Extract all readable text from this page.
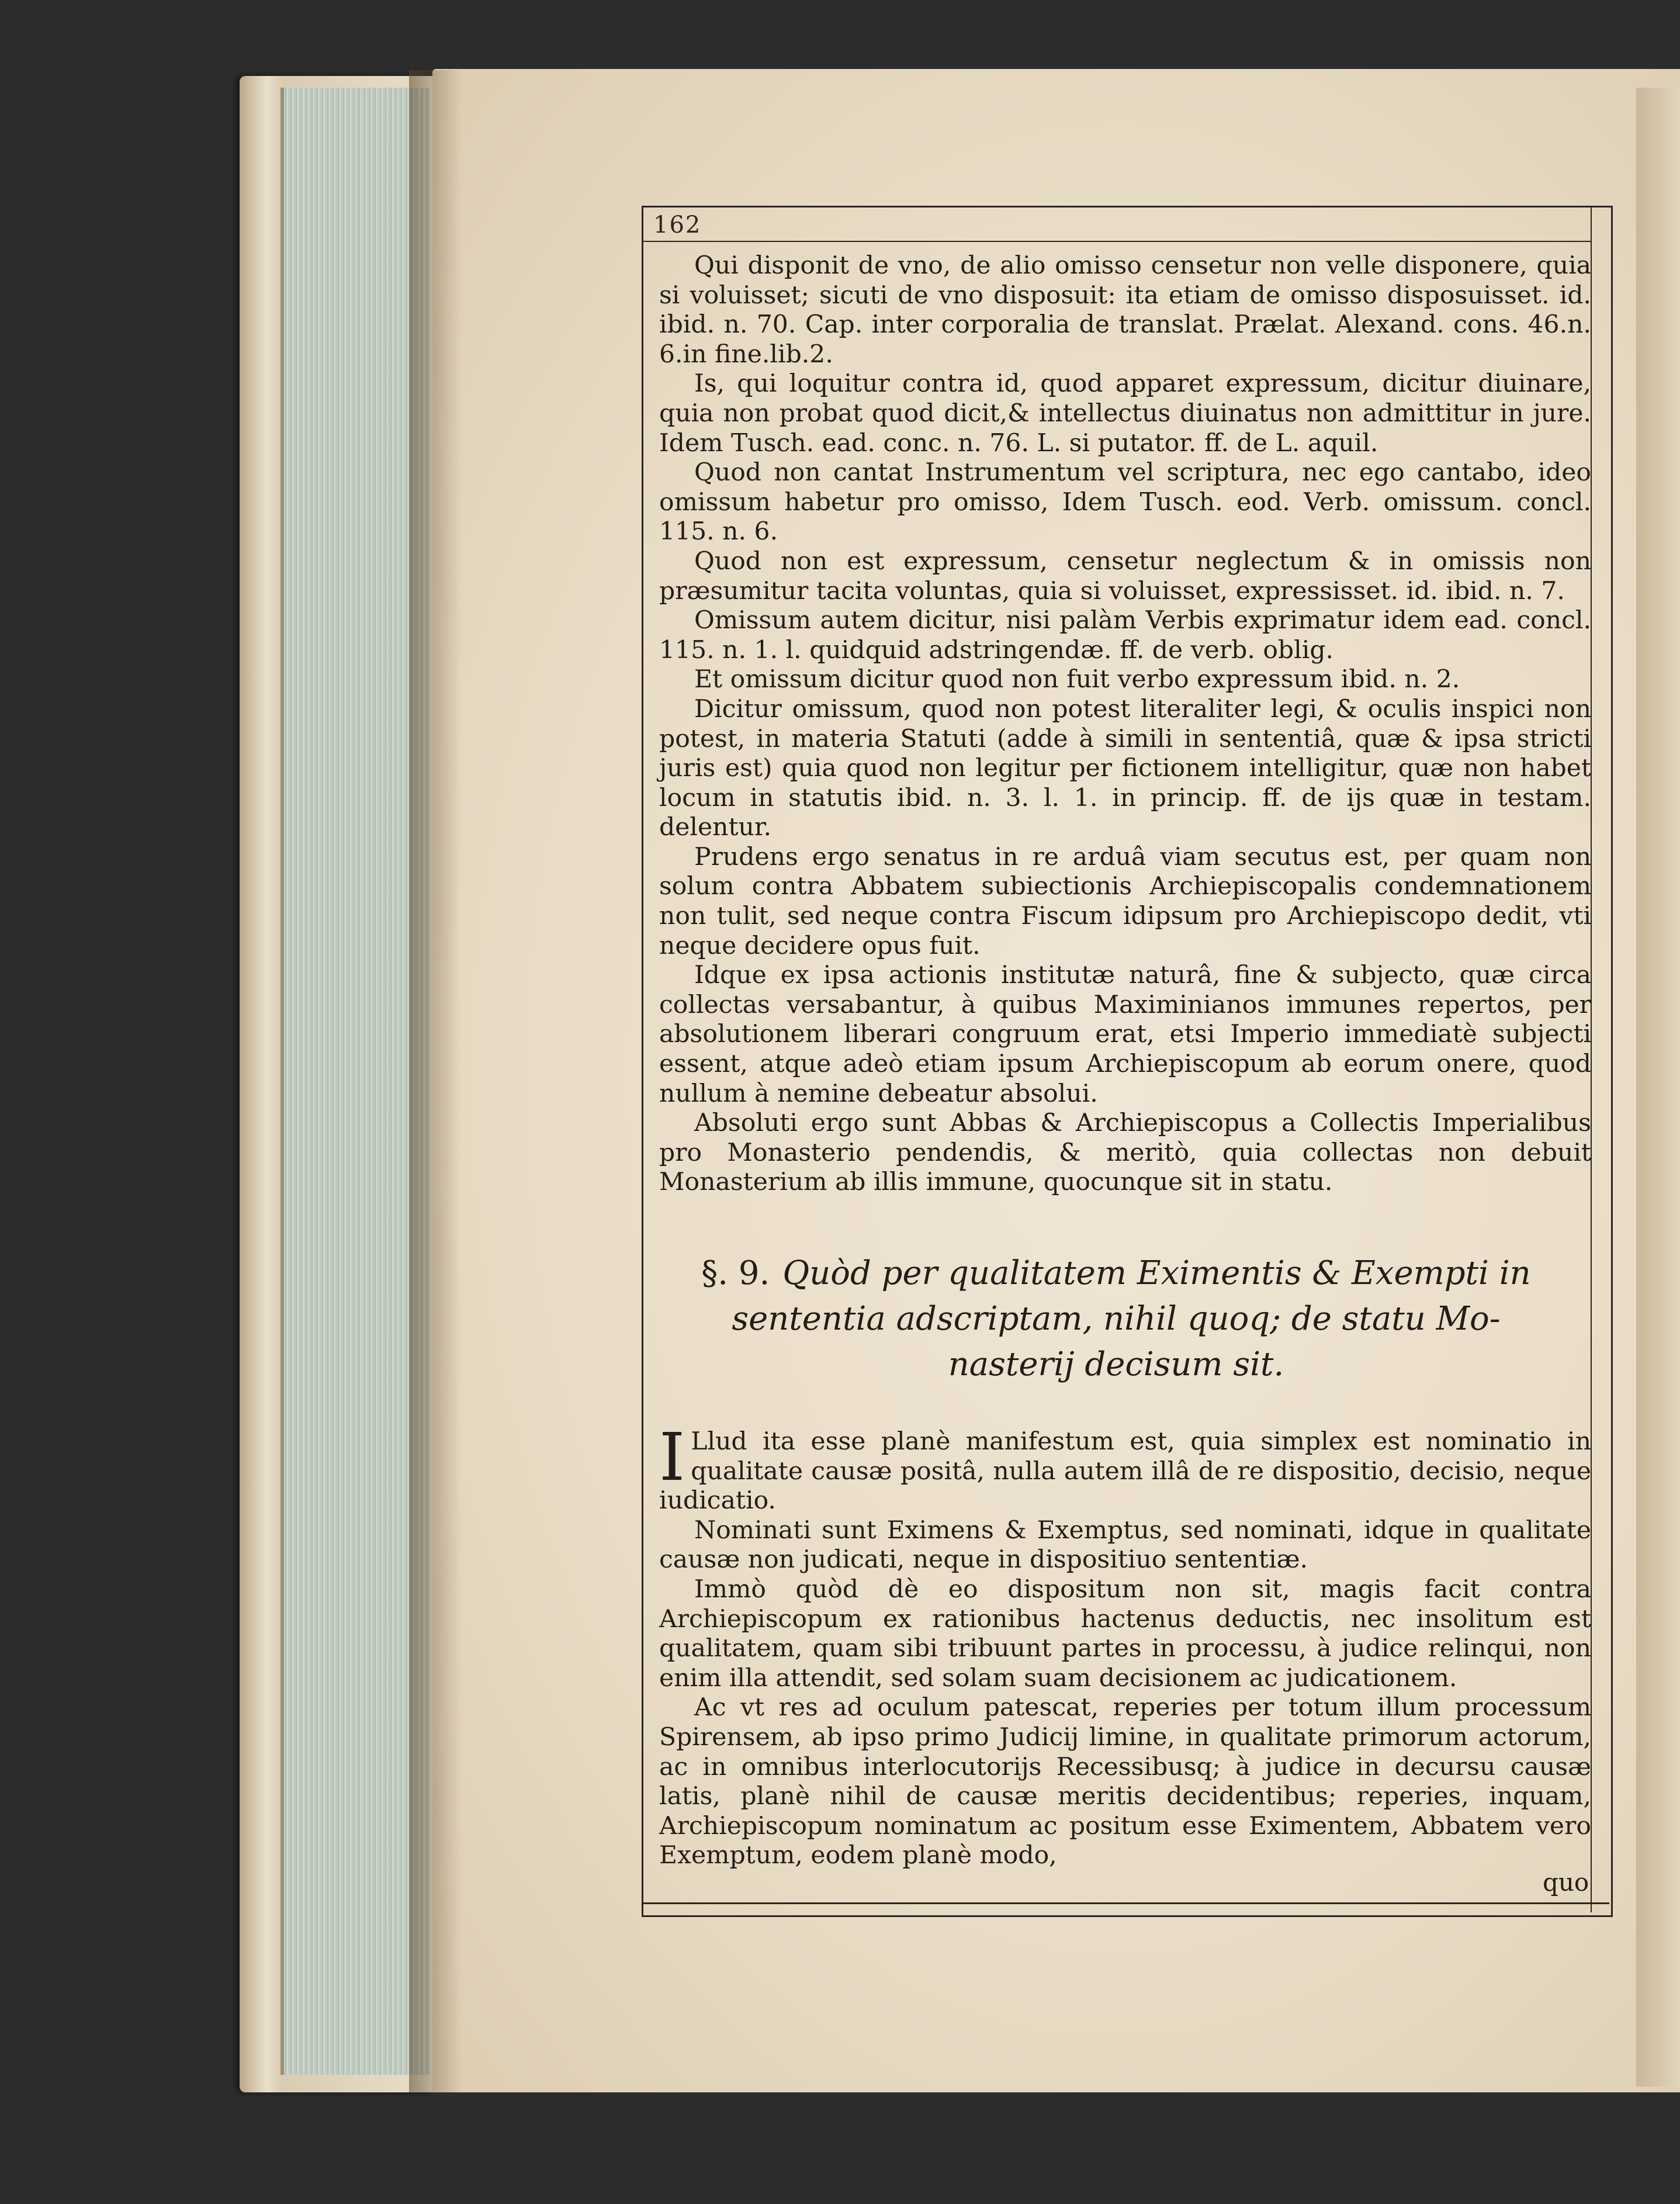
162

Qui disponit de vno, de alio omisso censetur non velle disponere, quia si voluisset; sicuti de vno disposuit: ita etiam de omisso disposuisset. id. ibid. n. 70. Cap. inter corporalia de translat. Prælat. Alexand. cons. 46.n. 6.in fine.lib.2.

Is, qui loquitur contra id, quod apparet expressum, dicitur diuinare, quia non probat quod dicit,& intellectus diuinatus non admittitur in jure. Idem Tusch. ead. conc. n. 76. L. si putator. ff. de L. aquil.

Quod non cantat Instrumentum vel scriptura, nec ego cantabo, ideo omissum habetur pro omisso, Idem Tusch. eod. Verb. omissum. concl. 115. n. 6.

Quod non est expressum, censetur neglectum & in omissis non præsumitur tacita voluntas, quia si voluisset, expressisset. id. ibid. n. 7.

Omissum autem dicitur, nisi palàm Verbis exprimatur idem ead. concl. 115. n. 1. l. quidquid adstringendæ. ff. de verb. oblig.

Et omissum dicitur quod non fuit verbo expressum ibid. n. 2.

Dicitur omissum, quod non potest literaliter legi, & oculis inspici non potest, in materia Statuti (adde à simili in sententiâ, quæ & ipsa stricti juris est) quia quod non legitur per fictionem intelligitur, quæ non habet locum in statutis ibid. n. 3. l. 1. in princip. ff. de ijs quæ in testam. delentur.

Prudens ergo senatus in re arduâ viam secutus est, per quam non solum contra Abbatem subiectionis Archiepiscopalis condemnationem non tulit, sed neque contra Fiscum idipsum pro Archiepiscopo dedit, vti neque decidere opus fuit.

Idque ex ipsa actionis institutæ naturâ, fine & subjecto, quæ circa collectas versabantur, à quibus Maximinianos immunes repertos, per absolutionem liberari congruum erat, etsi Imperio immediatè subjecti essent, atque adeò etiam ipsum Archiepiscopum ab eorum onere, quod nullum à nemine debeatur absolui.

Absoluti ergo sunt Abbas & Archiepiscopus a Collectis Imperialibus pro Monasterio pendendis, & meritò, quia collectas non debuit Monasterium ab illis immune, quocunque sit in statu.

§. 9. Quòd per qualitatem Eximentis & Exempti in
sententia adscriptam, nihil quoq; de statu Mo-
nasterij decisum sit.

I Llud ita esse planè manifestum est, quia simplex est nominatio in qualitate causæ positâ, nulla autem illâ de re dispositio, decisio, neque iudicatio.

Nominati sunt Eximens & Exemptus, sed nominati, idque in qualitate causæ non judicati, neque in dispositiuo sententiæ.

Immò quòd dè eo dispositum non sit, magis facit contra Archiepiscopum ex rationibus hactenus deductis, nec insolitum est qualitatem, quam sibi tribuunt partes in processu, à judice relinqui, non enim illa attendit, sed solam suam decisionem ac judicationem.

Ac vt res ad oculum patescat, reperies per totum illum processum Spirensem, ab ipso primo Judicij limine, in qualitate primorum actorum, ac in omnibus interlocutorijs Recessibusq; à judice in decursu causæ latis, planè nihil de causæ meritis decidentibus; reperies, inquam, Archiepiscopum nominatum ac positum esse Eximentem, Abbatem vero Exemptum, eodem planè modo,

quo
